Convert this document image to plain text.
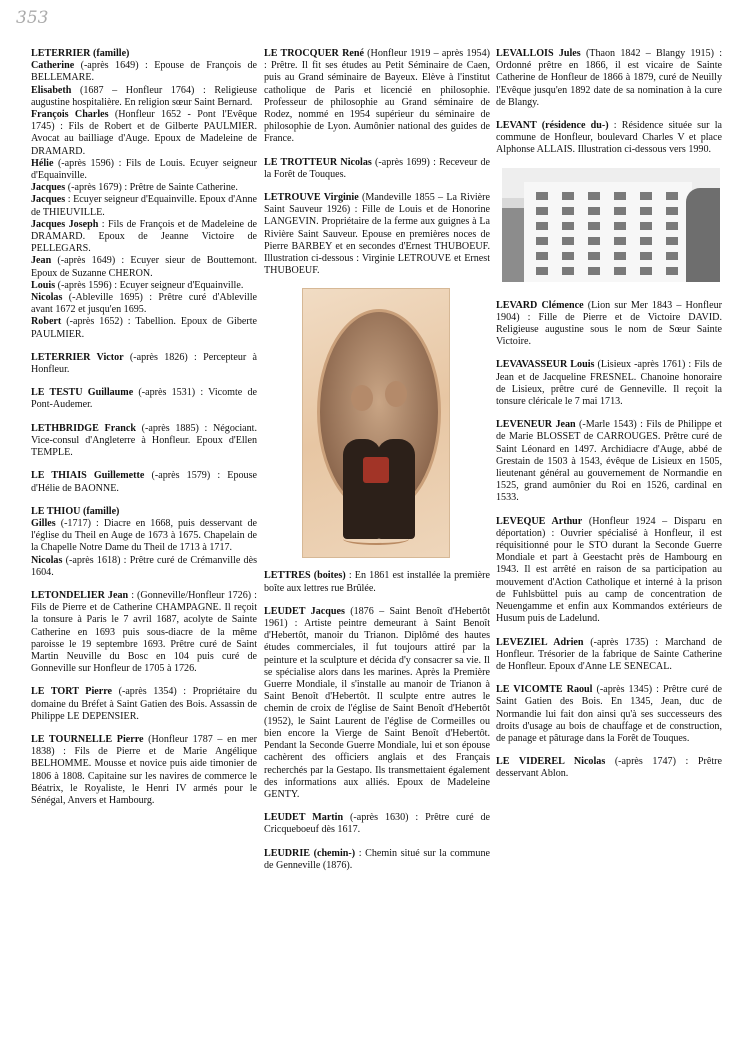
353

LETERRIER (famille)

Catherine (-après 1649) : Epouse de François de BELLEMARE.

Elisabeth (1687 – Honfleur 1764) : Religieuse augustine hospitalière. En religion sœur Saint Bernard.

François Charles (Honfleur 1652 - Pont l'Evêque 1745) : Fils de Robert et de Gilberte PAULMIER. Avocat au bailliage d'Auge. Epoux de Madeleine de DRAMARD.

Hélie (-après 1596) : Fils de Louis. Ecuyer seigneur d'Equainville.

Jacques (-après 1679) : Prêtre de Sainte Catherine.

Jacques : Ecuyer seigneur d'Equainville. Epoux d'Anne de THIEUVILLE.

Jacques Joseph : Fils de François et de Madeleine de DRAMARD. Epoux de Jeanne Victoire de PELLEGARS.

Jean (-après 1649) : Ecuyer sieur de Bouttemont. Epoux de Suzanne CHERON.

Louis (-après 1596) : Ecuyer seigneur d'Equainville.

Nicolas (-Ableville 1695) : Prêtre curé d'Ableville avant 1672 et jusqu'en 1695.

Robert (-après 1652) : Tabellion. Epoux de Giberte PAULMIER.

LETERRIER Victor (-après 1826) : Percepteur à Honfleur.

LE TESTU Guillaume (-après 1531) : Vicomte de Pont-Audemer.

LETHBRIDGE Franck (-après 1885) : Négociant. Vice-consul d'Angleterre à Honfleur. Epoux d'Ellen TEMPLE.

LE THIAIS Guillemette (-après 1579) : Epouse d'Hélie de BAONNE.

LE THIOU (famille)

Gilles (-1717) : Diacre en 1668, puis desservant de l'église du Theil en Auge de 1673 à 1675. Chapelain de la Chapelle Notre Dame du Theil de 1713 à 1717.

Nicolas (-après 1618) : Prêtre curé de Crémanville dès 1604.

LETONDELIER Jean : (Gonneville/Honfleur 1726) : Fils de Pierre et de Catherine CHAMPAGNE. Il reçoit la tonsure à Paris le 7 avril 1687, acolyte de Sainte Catherine en 1693 puis sous-diacre de la même paroisse le 19 septembre 1693. Prêtre curé de Saint Martin Neuville du Bosc en 104 puis curé de Gonneville sur Honfleur de 1705 à 1726.

LE TORT Pierre (-après 1354) : Propriétaire du domaine du Bréfet à Saint Gatien des Bois. Assassin de Philippe LE DEPENSIER.

LE TOURNELLE Pierre (Honfleur 1787 – en mer 1838) : Fils de Pierre et de Marie Angélique BELHOMME. Mousse et novice puis aide timonier de 1806 à 1808. Capitaine sur les navires de commerce le Béatrix, le Royaliste, le Henri IV armés pour le Sénégal, Anvers et Hambourg.

LE TROCQUER René (Honfleur 1919 – après 1954) : Prêtre. Il fit ses études au Petit Séminaire de Caen, puis au Grand séminaire de Bayeux. Elève à l'institut catholique de Paris et licencié en philosophie. Professeur de philosophie au Grand séminaire de Rodez, nommé en 1954 supérieur du séminaire de philosophie de Lyon. Aumônier national des guides de France.

LE TROTTEUR Nicolas (-après 1699) : Receveur de la Forêt de Touques.

LETROUVE Virginie (Mandeville 1855 – La Rivière Saint Sauveur 1926) : Fille de Louis et de Honorine LANGEVIN. Propriétaire de la ferme aux guignes à La Rivière Saint Sauveur. Epouse en premières noces de Pierre BARBEY et en secondes d'Ernest THUBOEUF. Illustration ci-dessous : Virginie LETROUVE et Ernest THUBOEUF.

LETTRES (boites) : En 1861 est installée la première boîte aux lettres rue Brûlée.

LEUDET Jacques (1876 – Saint Benoît d'Hebertôt 1961) : Artiste peintre demeurant à Saint Benoît d'Hebertôt, manoir du Trianon. Diplômé des hautes études commerciales, il fut toujours attiré par la peinture et la sculpture et décida d'y consacrer sa vie. Il se spécialise alors dans les marines. Après la Première Guerre Mondiale, il s'installe au manoir de Trianon à Saint Benoît d'Hebertôt. Il sculpte entre autres le chemin de croix de l'église de Saint Benoît d'Hebertôt (1952), le Saint Laurent de l'église de Cormeilles ou bien encore la Vierge de Saint Benoît d'Hebertôt. Pendant la Seconde Guerre Mondiale, lui et son épouse cachèrent des officiers anglais et des Français recherchés par la Gestapo. Ils transmettaient également des informations aux alliés. Epoux de Madeleine GENTY.

LEUDET Martin (-après 1630) : Prêtre curé de Cricqueboeuf dès 1617.

LEUDRIE (chemin-) : Chemin situé sur la commune de Genneville (1876).

LEVALLOIS Jules (Thaon 1842 – Blangy 1915) : Ordonné prêtre en 1866, il est vicaire de Sainte Catherine de Honfleur de 1866 à 1879, curé de Neuilly l'Evêque jusqu'en 1892 date de sa nomination à la cure de Blangy.

LEVANT (résidence du-) : Résidence située sur la commune de Honfleur, boulevard Charles V et place Alphonse ALLAIS. Illustration ci-dessous vers 1990.

LEVARD Clémence (Lion sur Mer 1843 – Honfleur 1904) : Fille de Pierre et de Victoire DAVID. Religieuse augustine sous le nom de Sœur Sainte Victoire.

LEVAVASSEUR Louis (Lisieux -après 1761) : Fils de Jean et de Jacqueline FRESNEL. Chanoine honoraire de Lisieux, prêtre curé de Genneville. Il reçoit la tonsure cléricale le 7 mai 1713.

LEVENEUR Jean (-Marle 1543) : Fils de Philippe et de Marie BLOSSET de CARROUGES. Prêtre curé de Saint Léonard en 1497. Archidiacre d'Auge, abbé de Grestain de 1503 à 1543, évêque de Lisieux en 1505, lieutenant général au gouvernement de Normandie en 1525, grand aumônier du Roi en 1526, cardinal en 1533.

LEVEQUE Arthur (Honfleur 1924 – Disparu en déportation) : Ouvrier spécialisé à Honfleur, il est réquisitionné pour le STO durant la Seconde Guerre Mondiale et part à Geestacht près de Hambourg en 1943. Il est arrêté en raison de sa participation au mouvement d'Action Catholique et interné à la prison de Fuhlsbüttel puis au camp de concentration de Neuengamme et enfin aux Kommandos extérieurs de Husum puis de Ladelund.

LEVEZIEL Adrien (-après 1735) : Marchand de Honfleur. Trésorier de la fabrique de Sainte Catherine de Honfleur. Epoux d'Anne LE SENECAL.

LE VICOMTE Raoul (-après 1345) : Prêtre curé de Saint Gatien des Bois. En 1345, Jean, duc de Normandie lui fait don ainsi qu'à ses successeurs des droits d'usage au bois de chauffage et de construction, de panage et pâturage dans la Forêt de Touques.

LE VIDEREL Nicolas (-après 1747) : Prêtre desservant Ablon.
